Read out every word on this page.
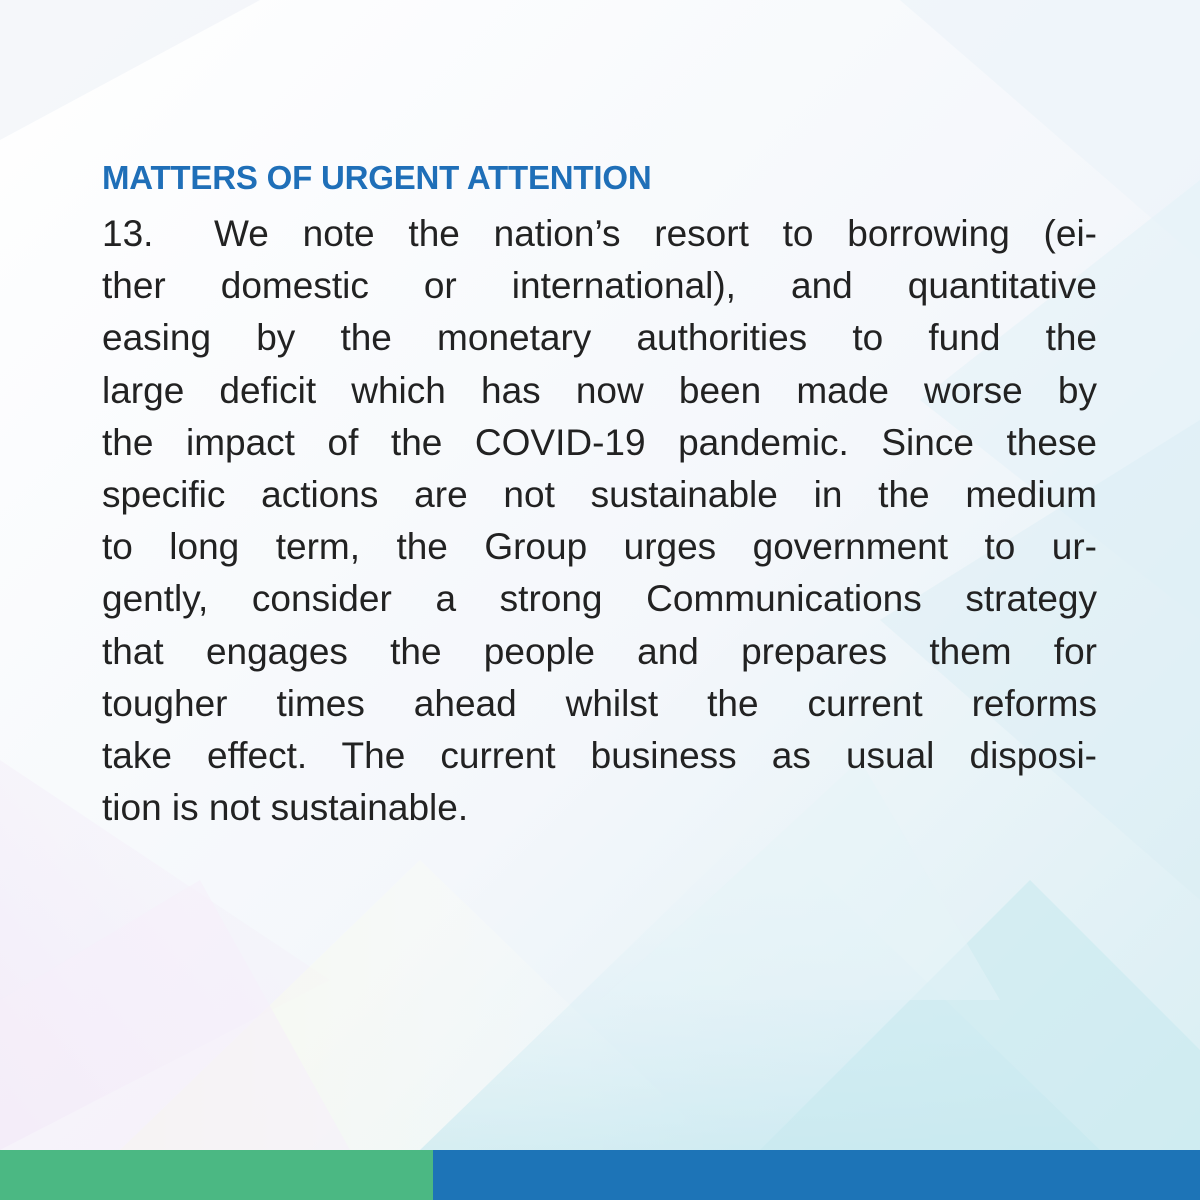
MATTERS OF URGENT ATTENTION

13. We note the nation’s resort to borrowing (ei-
ther domestic or international), and quantitative
easing by the monetary authorities to fund the
large deficit which has now been made worse by
the impact of the COVID-19 pandemic. Since these
specific actions are not sustainable in the medium
to long term, the Group urges government to ur-
gently, consider a strong Communications strategy
that engages the people and prepares them for
tougher times ahead whilst the current reforms
take effect. The current business as usual disposi-
tion is not sustainable.
